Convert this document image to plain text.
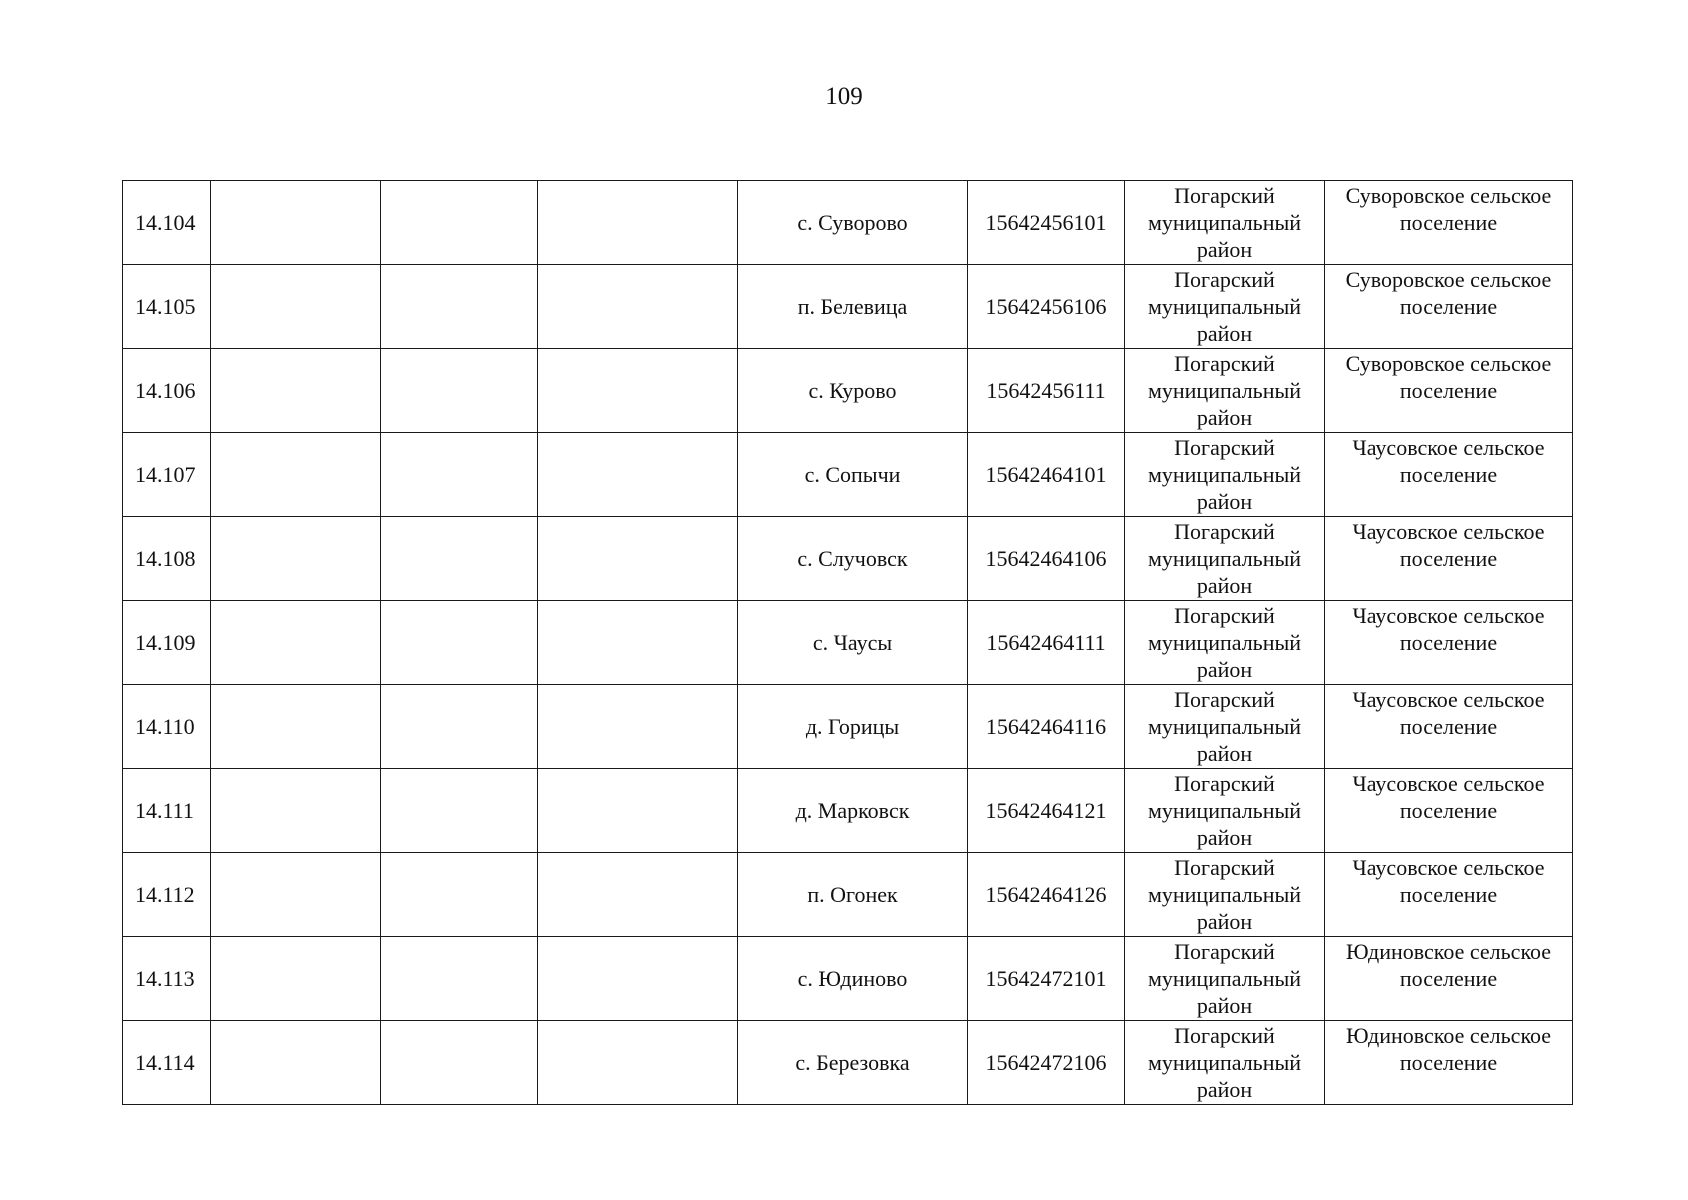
109
14.104				с. Суворово	15642456101	Погарский муниципальный район	Суворовское сельское поселение
14.105				п. Белевица	15642456106	Погарский муниципальный район	Суворовское сельское поселение
14.106				с. Курово	15642456111	Погарский муниципальный район	Суворовское сельское поселение
14.107				с. Сопычи	15642464101	Погарский муниципальный район	Чаусовское сельское поселение
14.108				с. Случовск	15642464106	Погарский муниципальный район	Чаусовское сельское поселение
14.109				с. Чаусы	15642464111	Погарский муниципальный район	Чаусовское сельское поселение
14.110				д. Горицы	15642464116	Погарский муниципальный район	Чаусовское сельское поселение
14.111				д. Марковск	15642464121	Погарский муниципальный район	Чаусовское сельское поселение
14.112				п. Огонек	15642464126	Погарский муниципальный район	Чаусовское сельское поселение
14.113				с. Юдиново	15642472101	Погарский муниципальный район	Юдиновское сельское поселение
14.114				с. Березовка	15642472106	Погарский муниципальный район	Юдиновское сельское поселение
